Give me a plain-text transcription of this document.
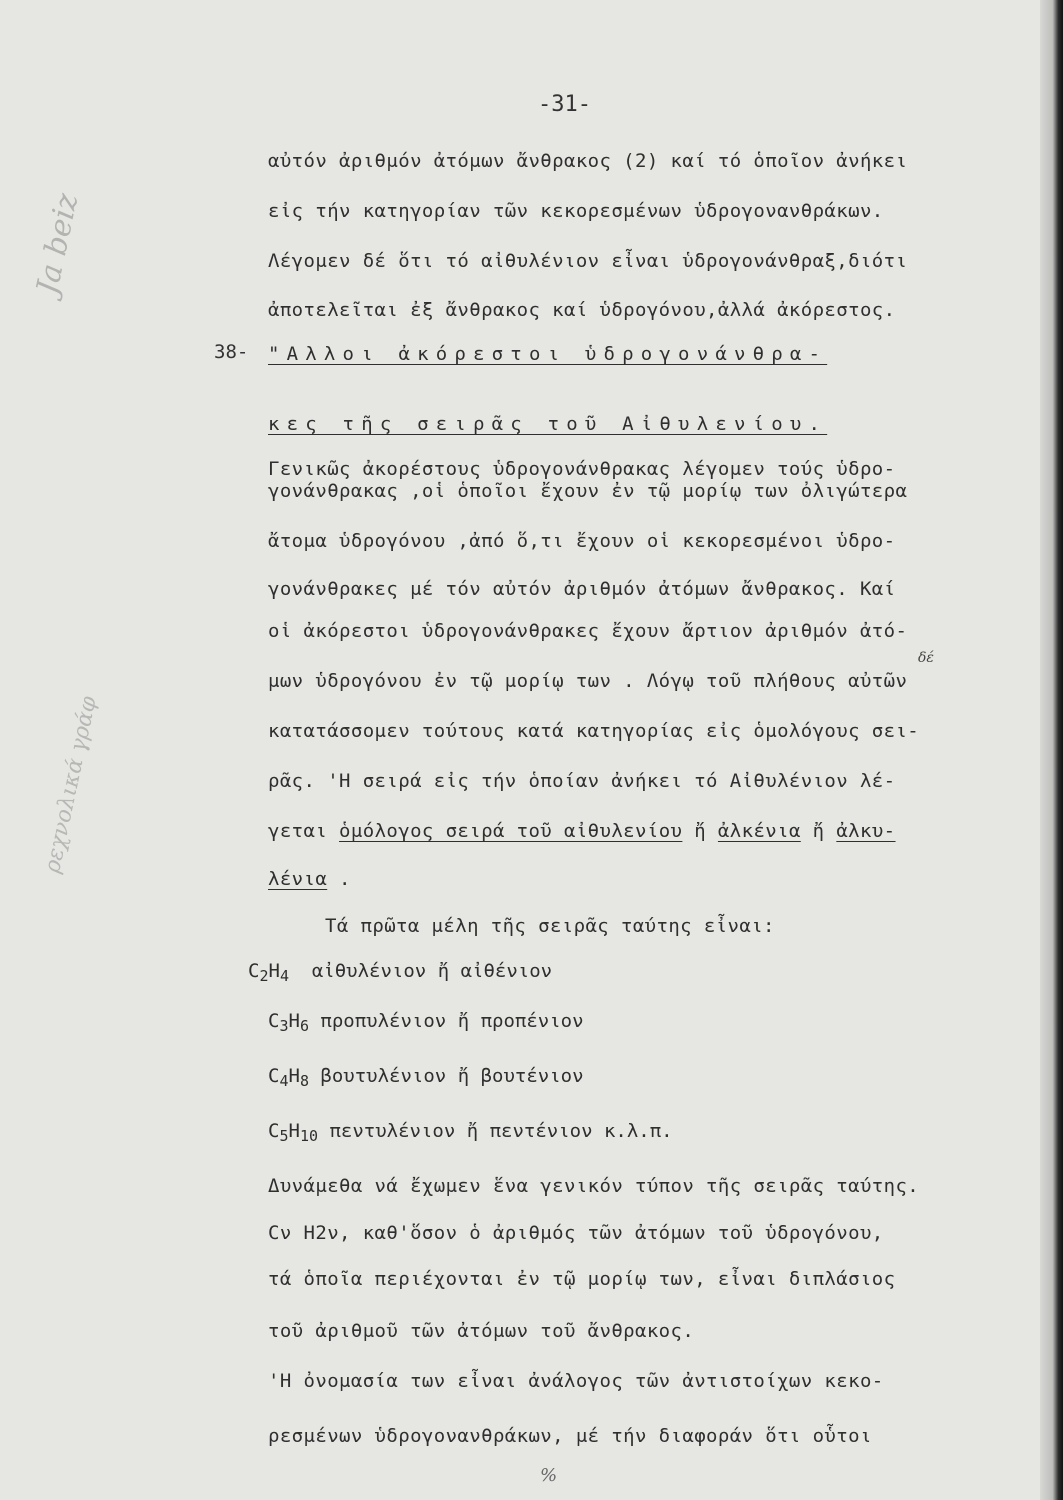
-31-
αὐτόν ἀριθμόν ἀτόμων ἄνθρακος (2) καί τό ὁποῖον ἀνήκει
εἰς τήν κατηγορίαν τῶν κεκορεσμένων ὑδρογονανθράκων.
Λέγομεν δέ ὅτι τό αἰθυλένιον εἶναι ὑδρογονάνθραξ,διότι
ἀποτελεῖται ἐξ ἄνθρακος καί ὑδρογόνου,ἀλλά ἀκόρεστος.
38- "Αλλοι ἀκόρεστοι ὑδρογονάνθρα-
κες τῆς σειρᾶς τοῦ Αἰθυλενίου.
Γενικῶς ἀκορέστους ὑδρογονάνθρακας λέγομεν τούς ὑδρο-
γονάνθρακας ,οἱ ὁποῖοι ἔχουν ἐν τῷ μορίῳ των ὀλιγώτερα
ἄτομα ὑδρογόνου ,ἀπό ὅ,τι ἔχουν οἱ κεκορεσμένοι ὑδρο-
γονάνθρακες μέ τόν αὐτόν ἀριθμόν ἀτόμων ἄνθρακος. Καί
οἱ ἀκόρεστοι ὑδρογονάνθρακες ἔχουν ἄρτιον ἀριθμόν ἀτό-
μων ὑδρογόνου ἐν τῷ μορίῳ των . Λόγῳ τοῦ πλήθους αὐτῶν
κατατάσσομεν τούτους κατά κατηγορίας εἰς ὁμολόγους σει-
ρᾶς. 'Η σειρά εἰς τήν ὁποίαν ἀνήκει τό Αἰθυλένιον λέ-
δέ
γεται ὁμόλογος σειρά τοῦ αἰθυλενίου ἤ ἀλκένια ἤ ἀλκυ-
λένια .
Τά πρῶτα μέλη τῆς σειρᾶς ταύτης εἶναι:
$C_2H_4$ αἰθυλένιον ἤ αἰθένιον
$C_3H_6$ προπυλένιον ἤ προπένιον
$C_4H_8$ βουτυλένιον ἤ βουτένιον
$C_5H_{10}$ πεντυλένιον ἤ πεντένιον κ.λ.π.
Δυνάμεθα νά ἔχωμεν ἕνα γενικόν τύπον τῆς σειρᾶς ταύτης.
Cν Η2ν, καθ'ὅσον ὁ ἀριθμός τῶν ἀτόμων τοῦ ὑδρογόνου,
τά ὁποῖα περιέχονται ἐν τῷ μορίῳ των, εἶναι διπλάσιος
τοῦ ἀριθμοῦ τῶν ἀτόμων τοῦ ἄνθρακος.
'Η ὀνομασία των εἶναι ἀνάλογος τῶν ἀντιστοίχων κεκο-
ρεσμένων ὑδρογονανθράκων, μέ τήν διαφοράν ὅτι οὗτοι
Ja beiz
ρεχνολικά γράφ
%
